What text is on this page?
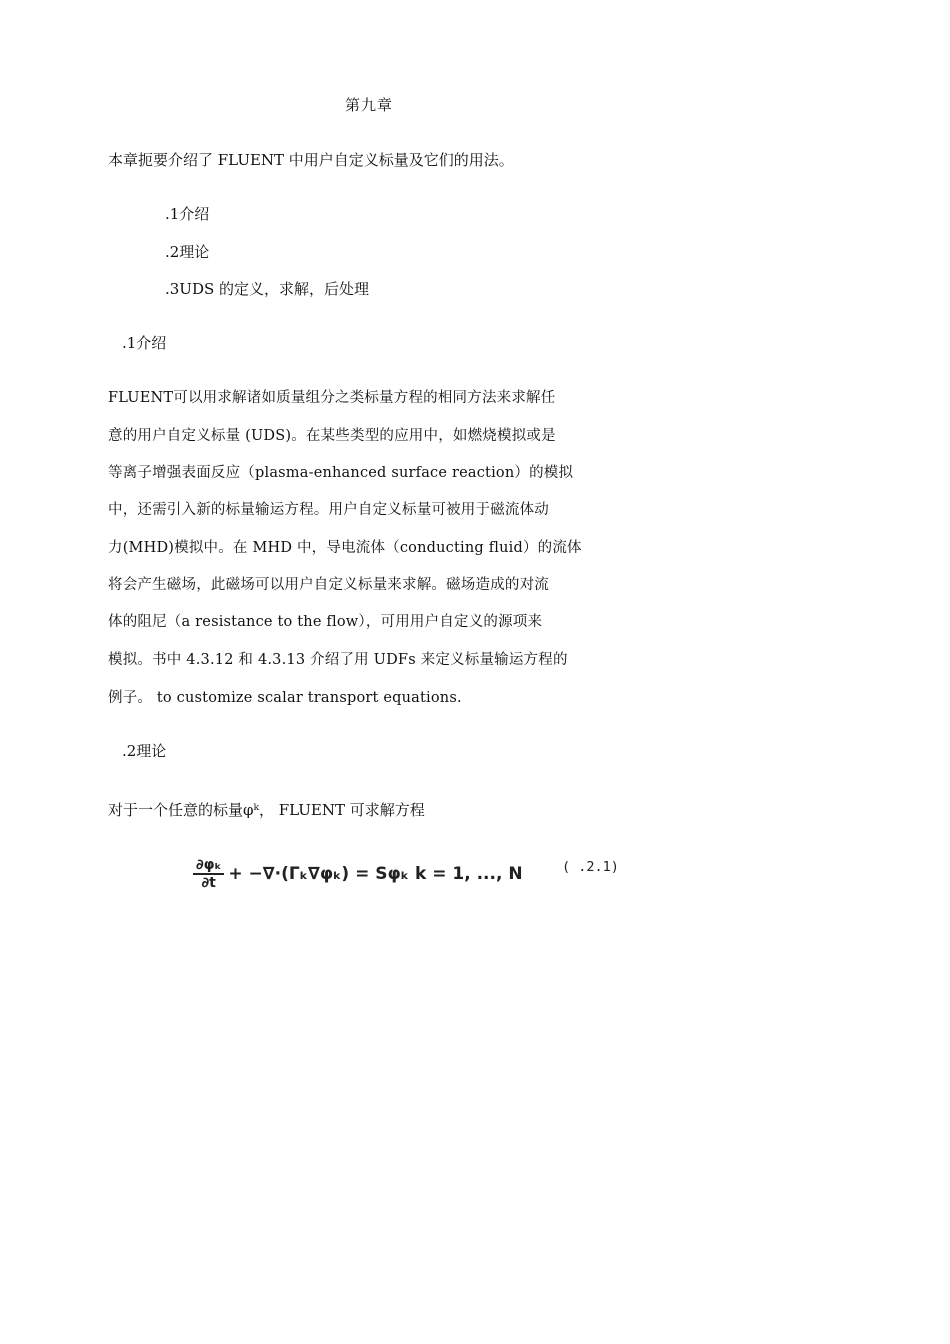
第九章
本章扼要介绍了 FLUENT 中用户自定义标量及它们的用法。
.1介绍
.2理论
.3UDS 的定义，求解，后处理
.1介绍
FLUENT可以用求解诸如质量组分之类标量方程的相同方法来求解任
意的用户自定义标量 (UDS)。在某些类型的应用中，如燃烧模拟或是
等离子增强表面反应（plasma-enhanced surface reaction）的模拟
中，还需引入新的标量输运方程。用户自定义标量可被用于磁流体动
力(MHD)模拟中。在 MHD 中，导电流体（conducting fluid）的流体
将会产生磁场，此磁场可以用户自定义标量来求解。磁场造成的对流
体的阻尼（a resistance to the flow），可用用户自定义的源项来
模拟。书中 4.3.12 和 4.3.13 介绍了用 UDFs 来定义标量输运方程的
例子。 to customize scalar transport equations.
.2理论
对于一个任意的标量φᵏ， FLUENT 可求解方程
$\frac{\text{∂φₖ}}{\partial t} + -\nabla\cdot(\Gamma_k\nabla\varphi_k) = S\varphi_k$ k = 1, ..., N	( .2.1)
